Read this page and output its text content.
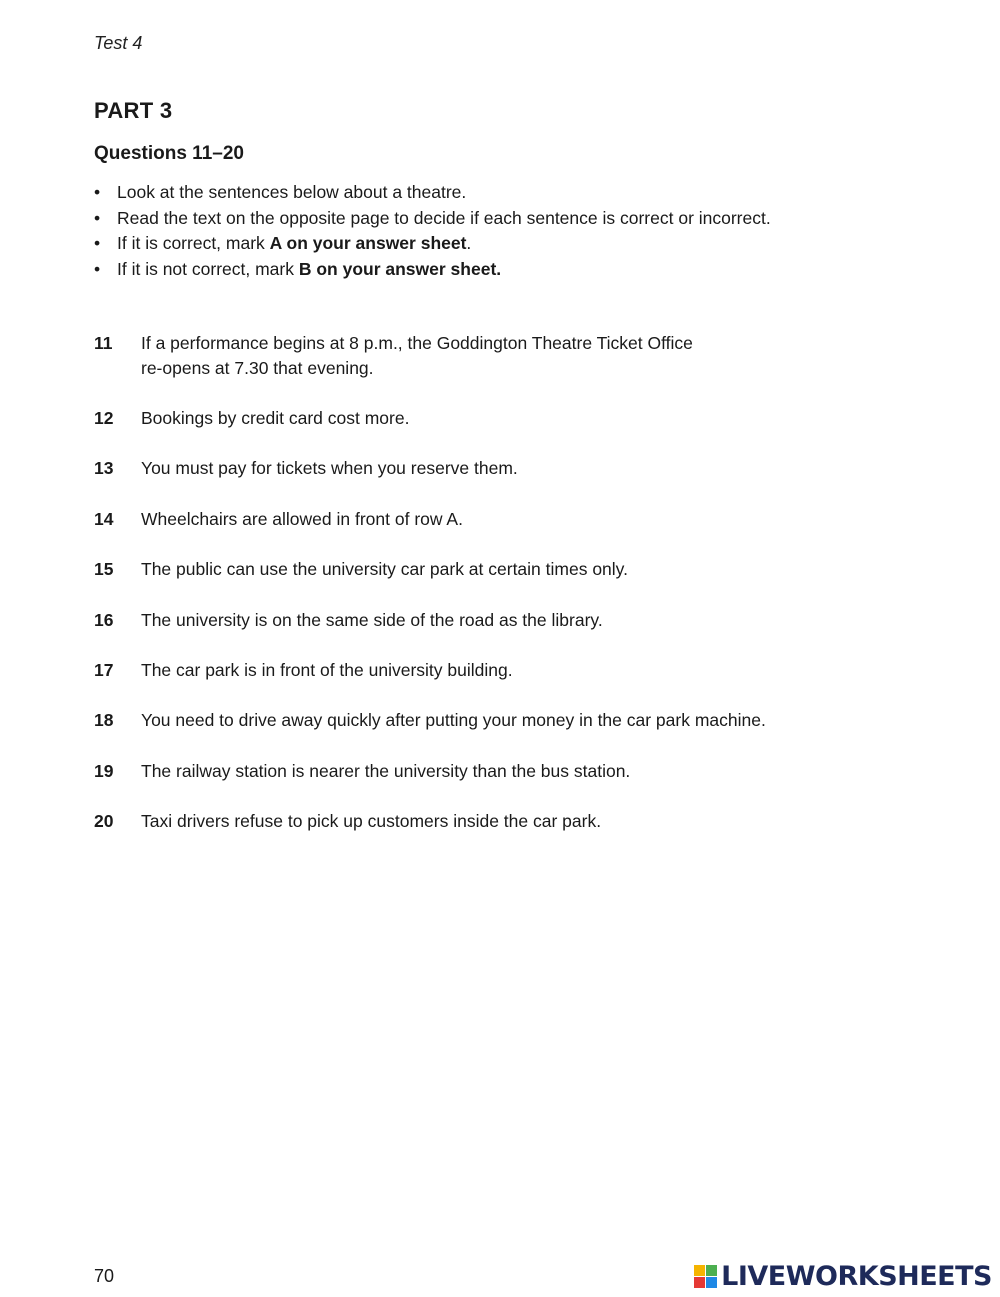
Test 4
PART 3
Questions 11–20
• Look at the sentences below about a theatre.
• Read the text on the opposite page to decide if each sentence is correct or incorrect.
• If it is correct, mark A on your answer sheet.
• If it is not correct, mark B on your answer sheet.
11	If a performance begins at 8 p.m., the Goddington Theatre Ticket Office
re-opens at 7.30 that evening.
12	Bookings by credit card cost more.
13	You must pay for tickets when you reserve them.
14	Wheelchairs are allowed in front of row A.
15	The public can use the university car park at certain times only.
16	The university is on the same side of the road as the library.
17	The car park is in front of the university building.
18	You need to drive away quickly after putting your money in the car park machine.
19	The railway station is nearer the university than the bus station.
20	Taxi drivers refuse to pick up customers inside the car park.
70	LIVEWORKSHEETS
